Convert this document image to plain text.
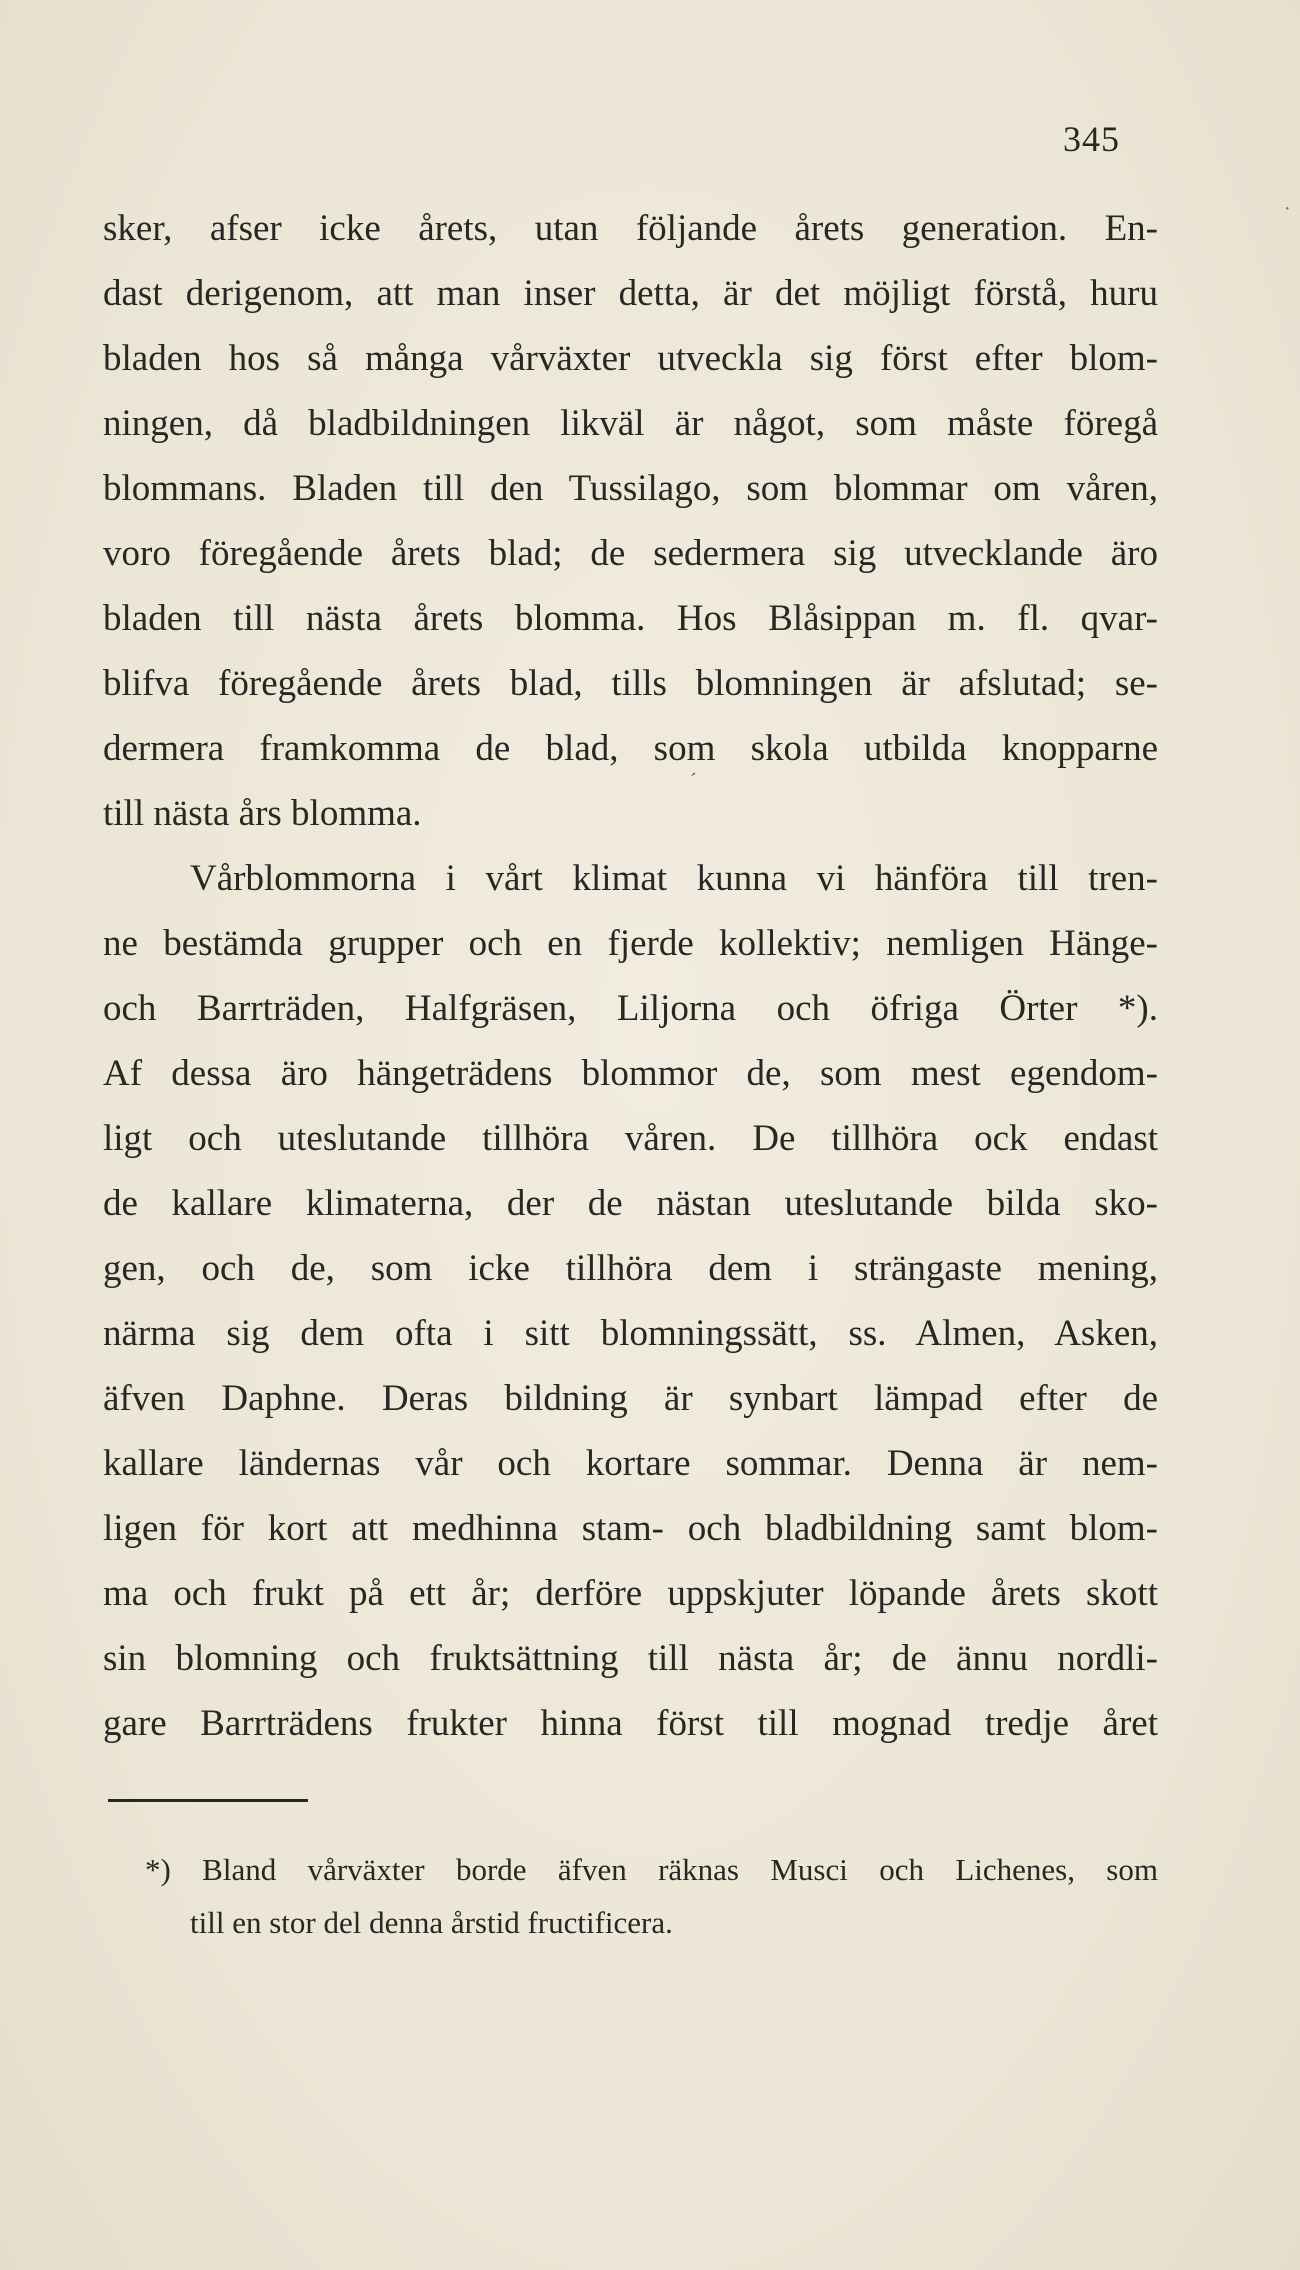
345
sker, afser icke årets, utan följande årets generation. En-
dast derigenom, att man inser detta, är det möjligt förstå, huru
bladen hos så många vårväxter utveckla sig först efter blom-
ningen, då bladbildningen likväl är något, som måste föregå
blommans. Bladen till den Tussilago, som blommar om våren,
voro föregående årets blad; de sedermera sig utvecklande äro
bladen till nästa årets blomma. Hos Blåsippan m. fl. qvar-
blifva föregående årets blad, tills blomningen är afslutad; se-
dermera framkomma de blad, som skola utbilda knopparne
till nästa års blomma.
Vårblommorna i vårt klimat kunna vi hänföra till tren-
ne bestämda grupper och en fjerde kollektiv; nemligen Hänge-
och Barrträden, Halfgräsen, Liljorna och öfriga Örter *).
Af dessa äro hängeträdens blommor de, som mest egendom-
ligt och uteslutande tillhöra våren. De tillhöra ock endast
de kallare klimaterna, der de nästan uteslutande bilda sko-
gen, och de, som icke tillhöra dem i strängaste mening,
närma sig dem ofta i sitt blomningssätt, ss. Almen, Asken,
äfven Daphne. Deras bildning är synbart lämpad efter de
kallare ländernas vår och kortare sommar. Denna är nem-
ligen för kort att medhinna stam- och bladbildning samt blom-
ma och frukt på ett år; derföre uppskjuter löpande årets skott
sin blomning och fruktsättning till nästa år; de ännu nordli-
gare Barrträdens frukter hinna först till mognad tredje året
*) Bland vårväxter borde äfven räknas Musci och Lichenes, som
till en stor del denna årstid fructificera.
´
·
